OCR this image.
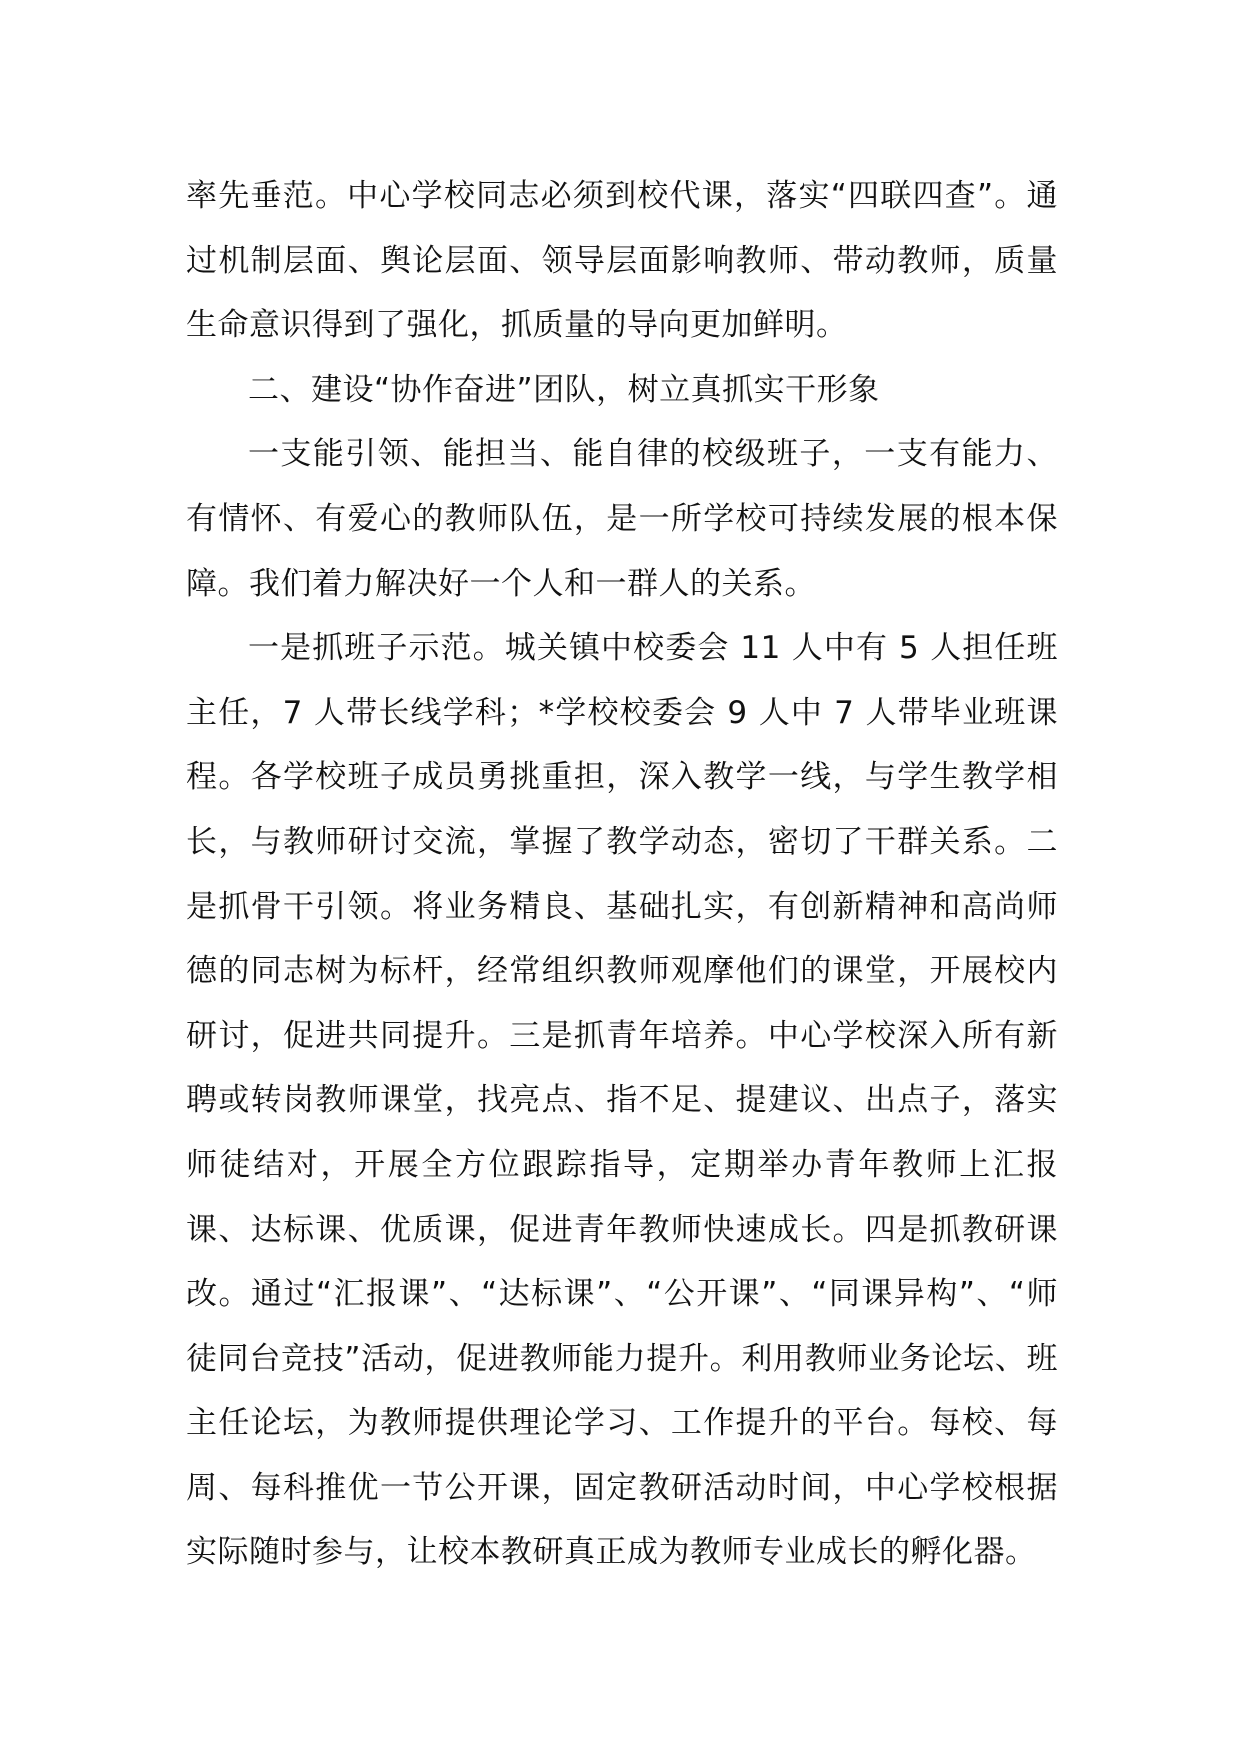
率先垂范。中心学校同志必须到校代课，落实“四联四查”。通过机制层面、舆论层面、领导层面影响教师、带动教师，质量生命意识得到了强化，抓质量的导向更加鲜明。

二、建设“协作奋进”团队，树立真抓实干形象

一支能引领、能担当、能自律的校级班子，一支有能力、有情怀、有爱心的教师队伍，是一所学校可持续发展的根本保障。我们着力解决好一个人和一群人的关系。

一是抓班子示范。城关镇中校委会 11 人中有 5 人担任班主任，7 人带长线学科；*学校校委会 9 人中 7 人带毕业班课程。各学校班子成员勇挑重担，深入教学一线，与学生教学相长，与教师研讨交流，掌握了教学动态，密切了干群关系。二是抓骨干引领。将业务精良、基础扎实，有创新精神和高尚师德的同志树为标杆，经常组织教师观摩他们的课堂，开展校内研讨，促进共同提升。三是抓青年培养。中心学校深入所有新聘或转岗教师课堂，找亮点、指不足、提建议、出点子，落实师徒结对，开展全方位跟踪指导，定期举办青年教师上汇报课、达标课、优质课，促进青年教师快速成长。四是抓教研课改。通过“汇报课”、“达标课”、“公开课”、“同课异构”、“师徒同台竞技”活动，促进教师能力提升。利用教师业务论坛、班主任论坛，为教师提供理论学习、工作提升的平台。每校、每周、每科推优一节公开课，固定教研活动时间，中心学校根据实际随时参与，让校本教研真正成为教师专业成长的孵化器。
